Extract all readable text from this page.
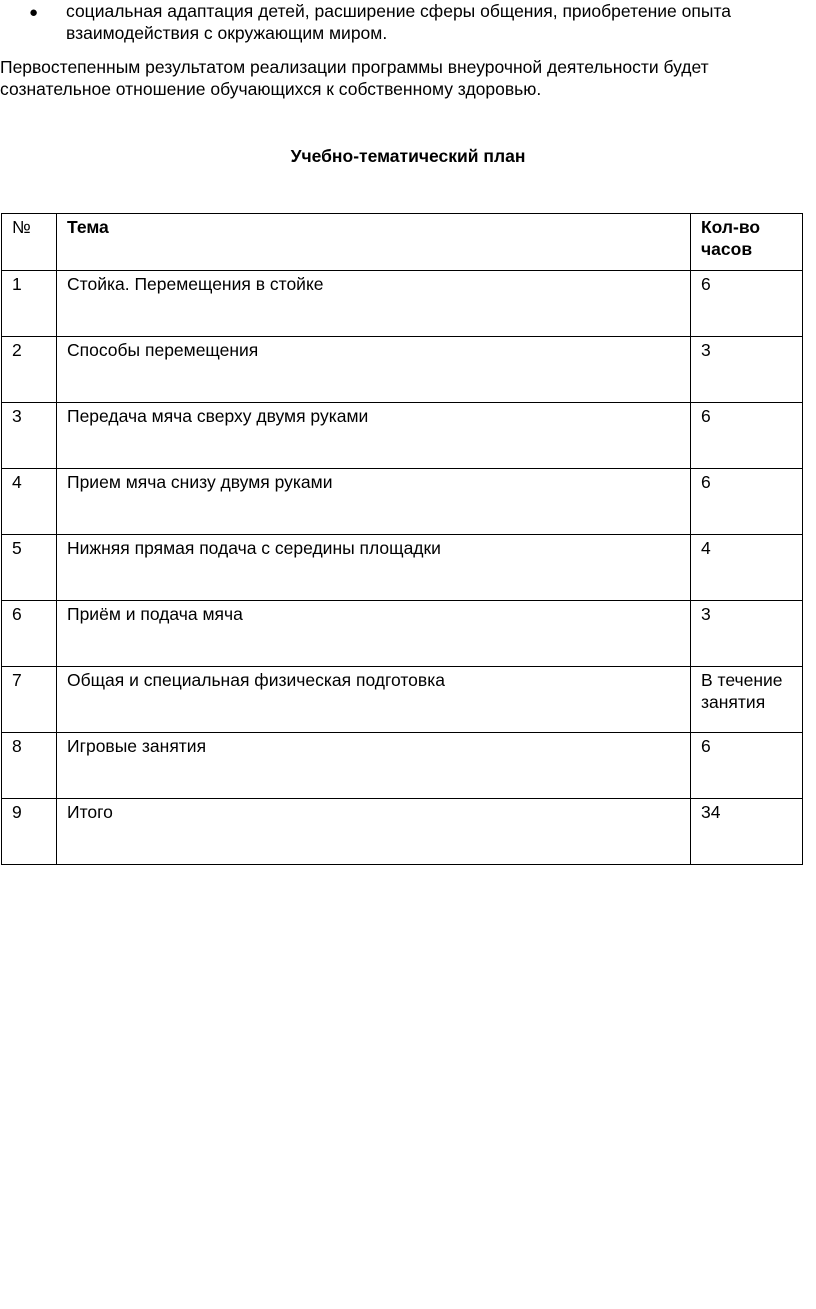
● социальная адаптация детей, расширение сферы общения, приобретение опыта взаимодействия с окружающим миром.
Первостепенным результатом реализации программы внеурочной деятельности будет сознательное отношение обучающихся к собственному здоровью.
Учебно-тематический план
№	Тема	Кол-во часов
1	Стойка. Перемещения в стойке	6
2	Способы перемещения	3
3	Передача мяча сверху двумя руками	6
4	Прием мяча снизу двумя руками	6
5	Нижняя прямая подача с середины площадки	4
6	Приём и подача мяча	3
7	Общая и специальная физическая подготовка	В течение занятия
8	Игровые занятия	6
9	Итого	34
